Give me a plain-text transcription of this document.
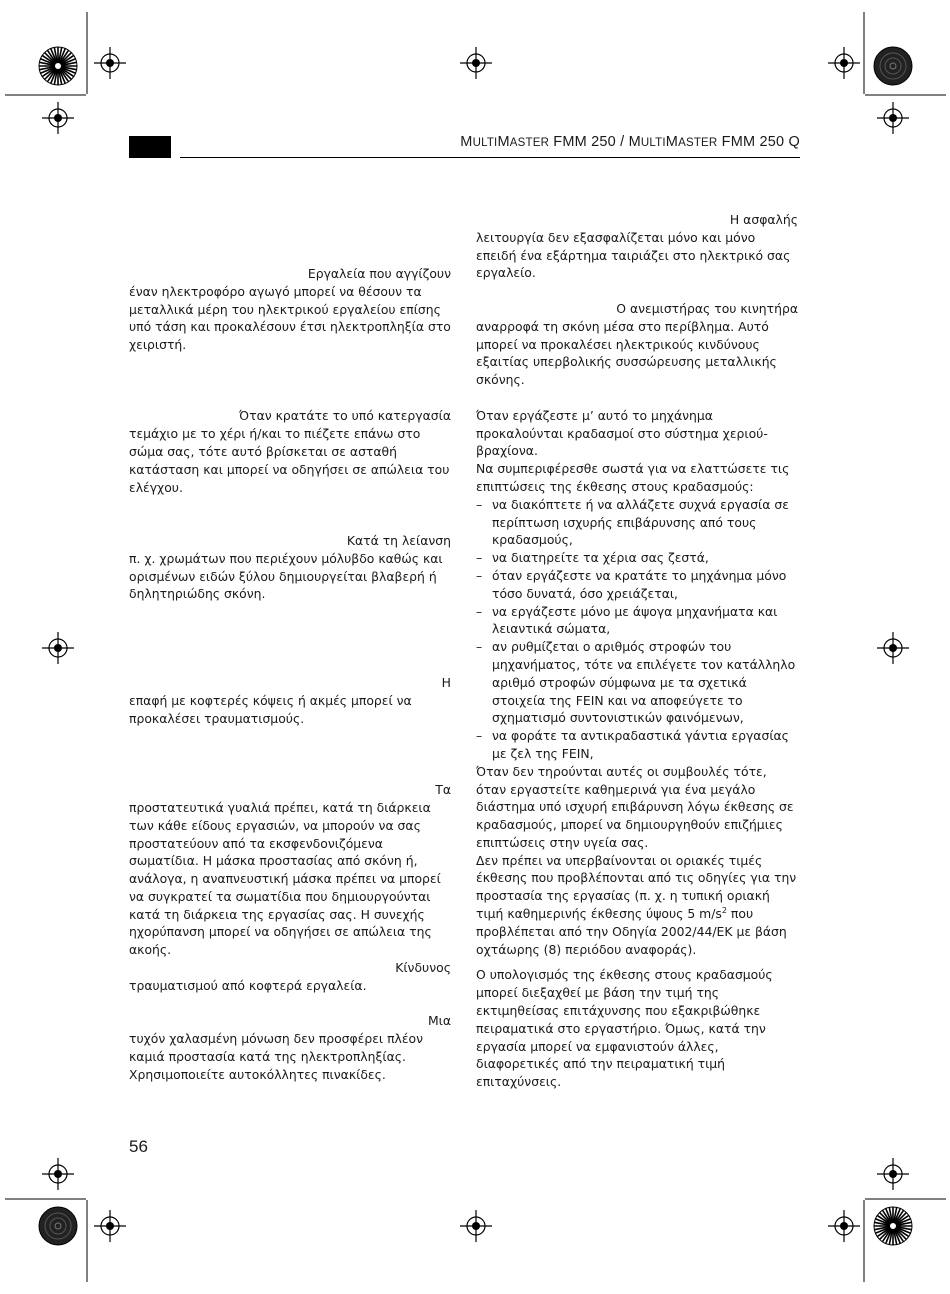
MULTIMASTER FMM 250 / MULTIMASTER FMM 250 Q

Εργαλεία που αγγίζουν

έναν ηλεκτροφόρο αγωγό μπορεί να θέσουν τα μεταλλικά μέρη του ηλεκτρικού εργαλείου επίσης υπό τάση και προκαλέσουν έτσι ηλεκτροπληξία στο χειριστή.

Όταν κρατάτε το υπό κατεργασία

τεμάχιο με το χέρι ή/και το πιέζετε επάνω στο σώμα σας, τότε αυτό βρίσκεται σε ασταθή κατάσταση και μπορεί να οδηγήσει σε απώλεια του ελέγχου.

Κατά τη λείανση

π. χ. χρωμάτων που περιέχουν μόλυβδο καθώς και ορισμένων ειδών ξύλου δημιουργείται βλαβερή ή δηλητηριώδης σκόνη.

Η

επαφή με κοφτερές κόψεις ή ακμές μπορεί να προκαλέσει τραυματισμούς.

Τα

προστατευτικά γυαλιά πρέπει, κατά τη διάρκεια των κάθε είδους εργασιών, να μπορούν να σας προστατεύουν από τα εκσφενδονιζόμενα σωματίδια. Η μάσκα προστασίας από σκόνη ή, ανάλογα, η αναπνευστική μάσκα πρέπει να μπορεί να συγκρατεί τα σωματίδια που δημιουργούνται κατά τη διάρκεια της εργασίας σας. Η συνεχής ηχορύπανση μπορεί να οδηγήσει σε απώλεια της ακοής.

Κίνδυνος

τραυματισμού από κοφτερά εργαλεία.

Μια

τυχόν χαλασμένη μόνωση δεν προσφέρει πλέον καμιά προστασία κατά της ηλεκτροπληξίας. Χρησιμοποιείτε αυτοκόλλητες πινακίδες.

Η ασφαλής

λειτουργία δεν εξασφαλίζεται μόνο και μόνο επειδή ένα εξάρτημα ταιριάζει στο ηλεκτρικό σας εργαλείο.

Ο ανεμιστήρας του κινητήρα

αναρροφά τη σκόνη μέσα στο περίβλημα. Αυτό μπορεί να προκαλέσει ηλεκτρικούς κινδύνους εξαιτίας υπερβολικής συσσώρευσης μεταλλικής σκόνης.

Όταν εργάζεστε μ’ αυτό το μηχάνημα προκαλούνται κραδασμοί στο σύστημα χεριού-βραχίονα.

Να συμπεριφέρεσθε σωστά για να ελαττώσετε τις επιπτώσεις της έκθεσης στους κραδασμούς:

– να διακόπτετε ή να αλλάζετε συχνά εργασία σε περίπτωση ισχυρής επιβάρυνσης από τους κραδασμούς,
– να διατηρείτε τα χέρια σας ζεστά,
– όταν εργάζεστε να κρατάτε το μηχάνημα μόνο τόσο δυνατά, όσο χρειάζεται,
– να εργάζεστε μόνο με άψογα μηχανήματα και λειαντικά σώματα,
– αν ρυθμίζεται ο αριθμός στροφών του μηχανήματος, τότε να επιλέγετε τον κατάλληλο αριθμό στροφών σύμφωνα με τα σχετικά στοιχεία της FEIN και να αποφεύγετε το σχηματισμό συντονιστικών φαινόμενων,
– να φοράτε τα αντικραδαστικά γάντια εργασίας με ζελ της FEIN,

Όταν δεν τηρούνται αυτές οι συμβουλές τότε, όταν εργαστείτε καθημερινά για ένα μεγάλο διάστημα υπό ισχυρή επιβάρυνση λόγω έκθεσης σε κραδασμούς, μπορεί να δημιουργηθούν επιζήμιες επιπτώσεις στην υγεία σας.

Δεν πρέπει να υπερβαίνονται οι οριακές τιμές έκθεσης που προβλέπονται από τις οδηγίες για την προστασία της εργασίας (π. χ. η τυπική οριακή τιμή καθημερινής έκθεσης ύψους 5 $m/s^2$ που προβλέπεται από την Οδηγία 2002/44/ΕΚ με βάση οχτάωρης (8) περιόδου αναφοράς).

Ο υπολογισμός της έκθεσης στους κραδασμούς μπορεί διεξαχθεί με βάση την τιμή της εκτιμηθείσας επιτάχυνσης που εξακριβώθηκε πειραματικά στο εργαστήριο. Όμως, κατά την εργασία μπορεί να εμφανιστούν άλλες, διαφορετικές από την πειραματική τιμή επιταχύνσεις.

56
